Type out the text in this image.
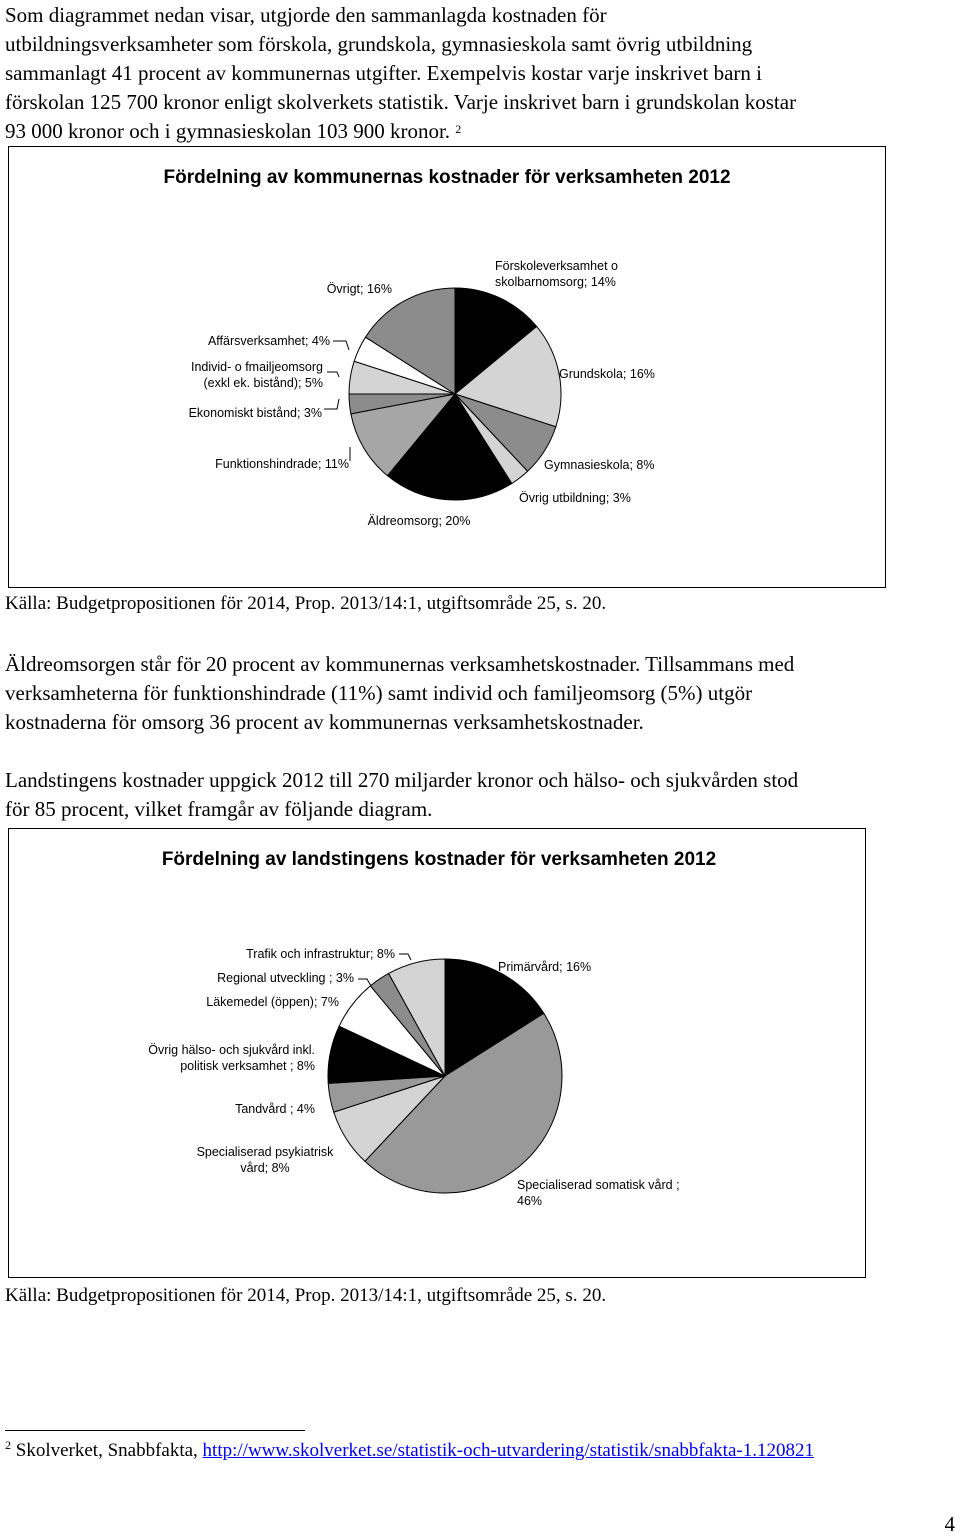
Som diagrammet nedan visar, utgjorde den sammanlagda kostnaden för
utbildningsverksamheter som förskola, grundskola, gymnasieskola samt övrig utbildning
sammanlagt 41 procent av kommunernas utgifter. Exempelvis kostar varje inskrivet barn i
förskolan 125 700 kronor enligt skolverkets statistik. Varje inskrivet barn i grundskolan kostar
93 000 kronor och i gymnasieskolan 103 900 kronor. $^2$
Fördelning av kommunernas kostnader för verksamheten 2012
Förskoleverksamhet o skolbarnomsorg; 14%
Grundskola; 16%
Gymnasieskola; 8%
Övrig utbildning; 3%
Äldreomsorg; 20%
Funktionshindrade; 11%
Ekonomiskt bistånd; 3%
Individ- o fmailjeomsorg (exkl ek. bistånd); 5%
Affärsverksamhet; 4%
Övrigt; 16%
Källa: Budgetpropositionen för 2014, Prop. 2013/14:1, utgiftsområde 25, s. 20.
Äldreomsorgen står för 20 procent av kommunernas verksamhetskostnader. Tillsammans med
verksamheterna för funktionshindrade (11%) samt individ och familjeomsorg (5%) utgör
kostnaderna för omsorg 36 procent av kommunernas verksamhetskostnader.
Landstingens kostnader uppgick 2012 till 270 miljarder kronor och hälso- och sjukvården stod
för 85 procent, vilket framgår av följande diagram.
Fördelning av landstingens kostnader för verksamheten 2012
Primärvård; 16%
Specialiserad somatisk vård ; 46%
Specialiserad psykiatrisk vård; 8%
Tandvård ; 4%
Övrig hälso- och sjukvård inkl. politisk verksamhet ; 8%
Läkemedel (öppen); 7%
Regional utveckling ; 3%
Trafik och infrastruktur; 8%
Källa: Budgetpropositionen för 2014, Prop. 2013/14:1, utgiftsområde 25, s. 20.
$^2$ Skolverket, Snabbfakta, http://www.skolverket.se/statistik-och-utvardering/statistik/snabbfakta-1.120821
4
